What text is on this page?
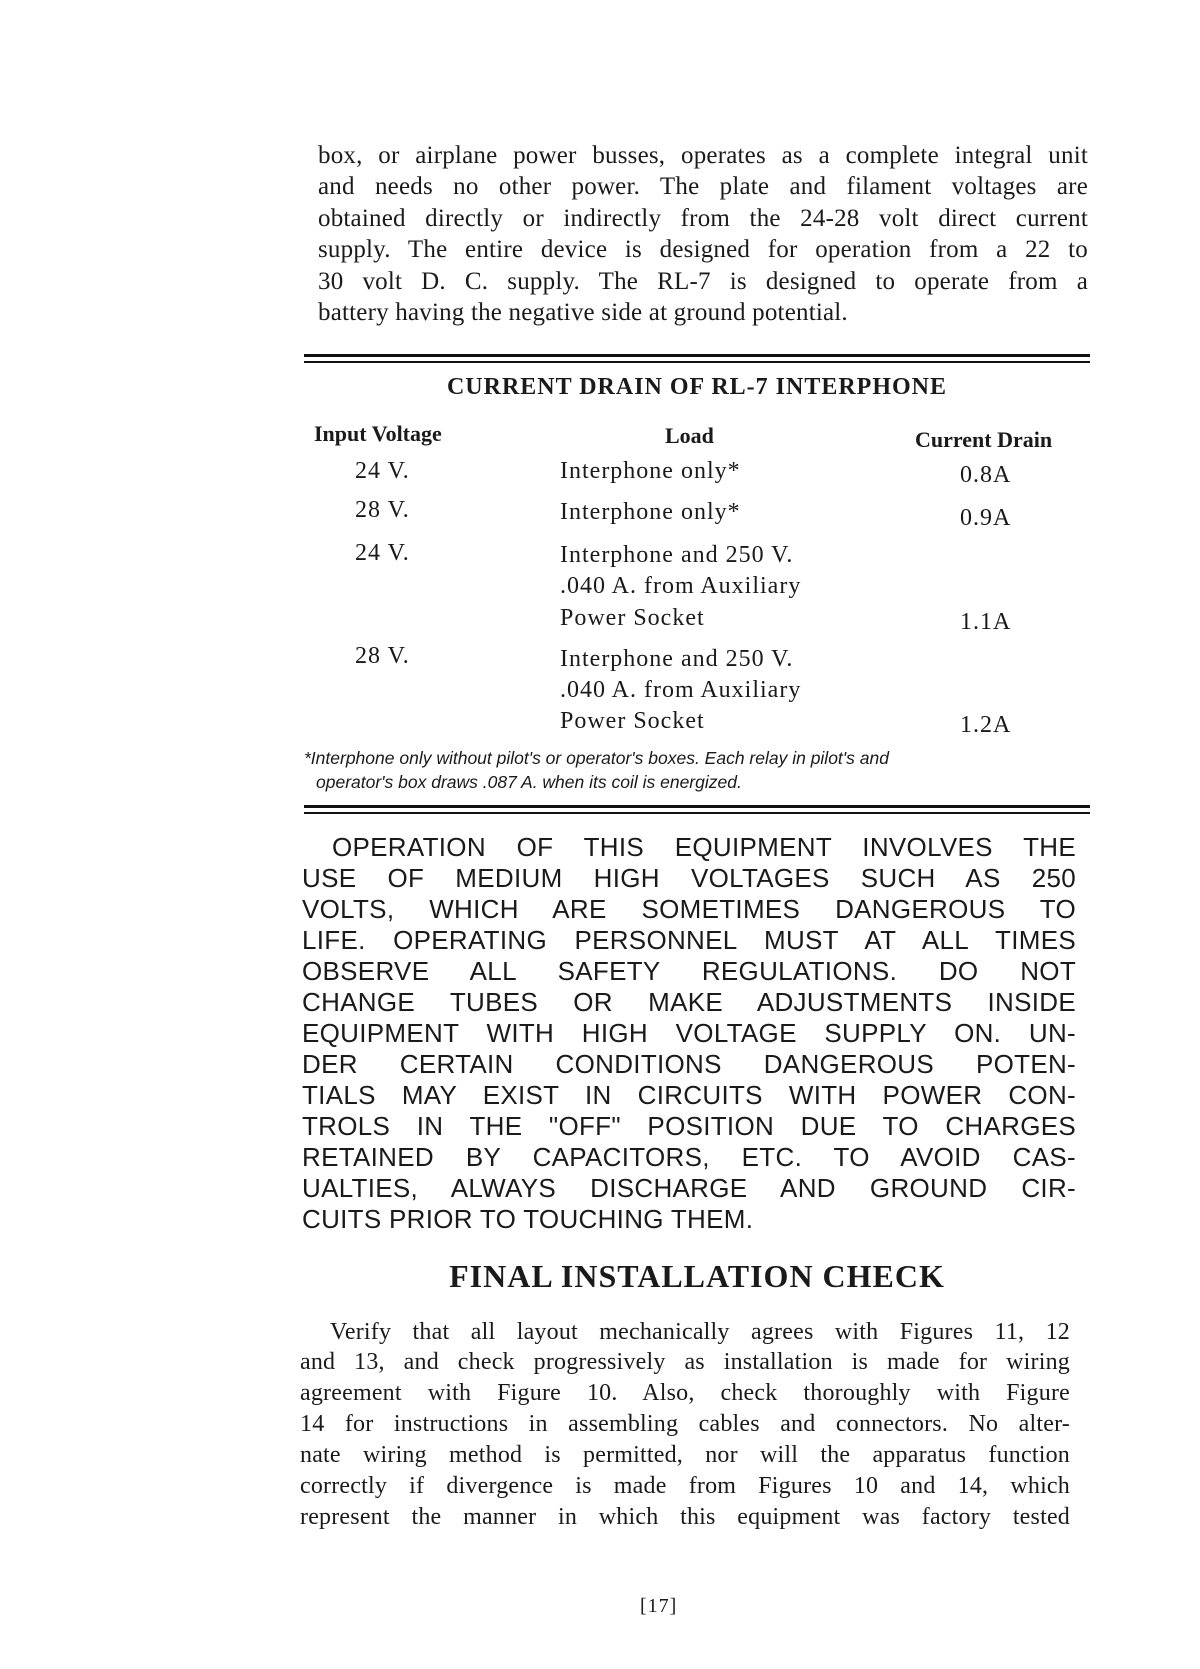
box, or airplane power busses, operates as a complete integral unit
and needs no other power. The plate and filament voltages are
obtained directly or indirectly from the 24-28 volt direct current
supply. The entire device is designed for operation from a 22 to
30 volt D. C. supply. The RL-7 is designed to operate from a
battery having the negative side at ground potential.
CURRENT DRAIN OF RL-7 INTERPHONE
Input Voltage	Load	Current Drain
24 V.	Interphone only*	0.8A
28 V.	Interphone only*	0.9A
24 V.	Interphone and 250 V.
.040 A. from Auxiliary
Power Socket	1.1A
28 V.	Interphone and 250 V.
.040 A. from Auxiliary
Power Socket	1.2A
*Interphone only without pilot's or operator's boxes. Each relay in pilot's and
operator's box draws .087 A. when its coil is energized.
OPERATION OF THIS EQUIPMENT INVOLVES THE
USE OF MEDIUM HIGH VOLTAGES SUCH AS 250
VOLTS, WHICH ARE SOMETIMES DANGEROUS TO
LIFE. OPERATING PERSONNEL MUST AT ALL TIMES
OBSERVE ALL SAFETY REGULATIONS. DO NOT
CHANGE TUBES OR MAKE ADJUSTMENTS INSIDE
EQUIPMENT WITH HIGH VOLTAGE SUPPLY ON. UN-
DER CERTAIN CONDITIONS DANGEROUS POTEN-
TIALS MAY EXIST IN CIRCUITS WITH POWER CON-
TROLS IN THE "OFF" POSITION DUE TO CHARGES
RETAINED BY CAPACITORS, ETC. TO AVOID CAS-
UALTIES, ALWAYS DISCHARGE AND GROUND CIR-
CUITS PRIOR TO TOUCHING THEM.
FINAL INSTALLATION CHECK
Verify that all layout mechanically agrees with Figures 11, 12
and 13, and check progressively as installation is made for wiring
agreement with Figure 10. Also, check thoroughly with Figure
14 for instructions in assembling cables and connectors. No alter-
nate wiring method is permitted, nor will the apparatus function
correctly if divergence is made from Figures 10 and 14, which
represent the manner in which this equipment was factory tested
[17]
